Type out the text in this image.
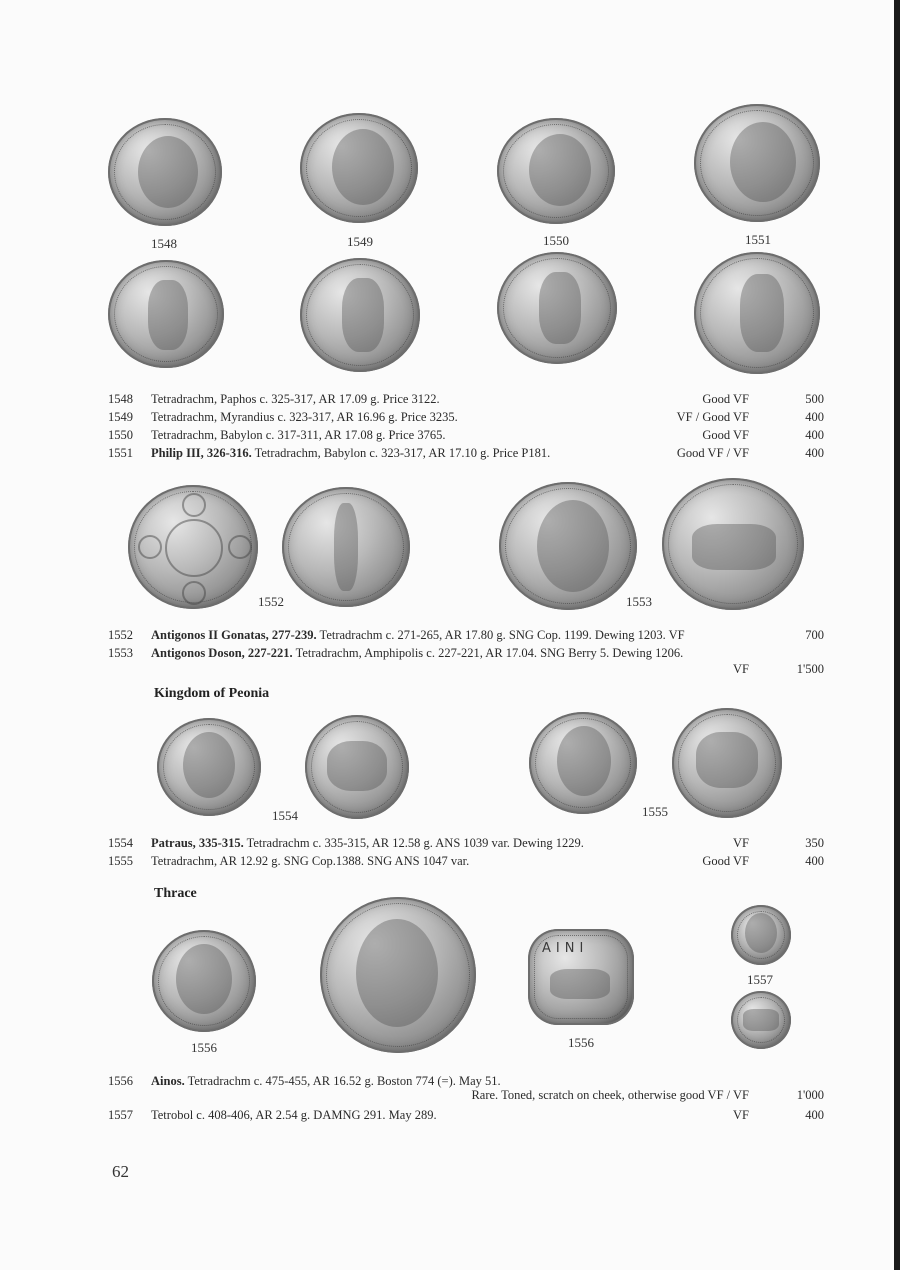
1548	1549	1550	1551
1548 Tetradrachm, Paphos c. 325-317, AR 17.09 g. Price 3122.	Good VF	500
1549 Tetradrachm, Myrandius c. 323-317, AR 16.96 g. Price 3235.	VF / Good VF	400
1550 Tetradrachm, Babylon c. 317-311, AR 17.08 g. Price 3765.	Good VF	400
1551 Philip III, 326-316. Tetradrachm, Babylon c. 323-317, AR 17.10 g. Price P181.	Good VF / VF	400
1552	1553
1552 Antigonos II Gonatas, 277-239. Tetradrachm c. 271-265, AR 17.80 g. SNG Cop. 1199. Dewing 1203. VF	700
1553 Antigonos Doson, 227-221. Tetradrachm, Amphipolis c. 227-221, AR 17.04. SNG Berry 5. Dewing 1206.
VF	1'500
Kingdom of Peonia
1554	1555
1554 Patraus, 335-315. Tetradrachm c. 335-315, AR 12.58 g. ANS 1039 var. Dewing 1229.	VF	350
1555 Tetradrachm, AR 12.92 g. SNG Cop.1388. SNG ANS 1047 var.	Good VF	400
Thrace
1556
AINI
1556
1557
1556 Ainos. Tetradrachm c. 475-455, AR 16.52 g. Boston 774 (=). May 51.
Rare. Toned, scratch on cheek, otherwise good VF / VF	1'000
1557 Tetrobol c. 408-406, AR 2.54 g. DAMNG 291. May 289.	VF	400
62
